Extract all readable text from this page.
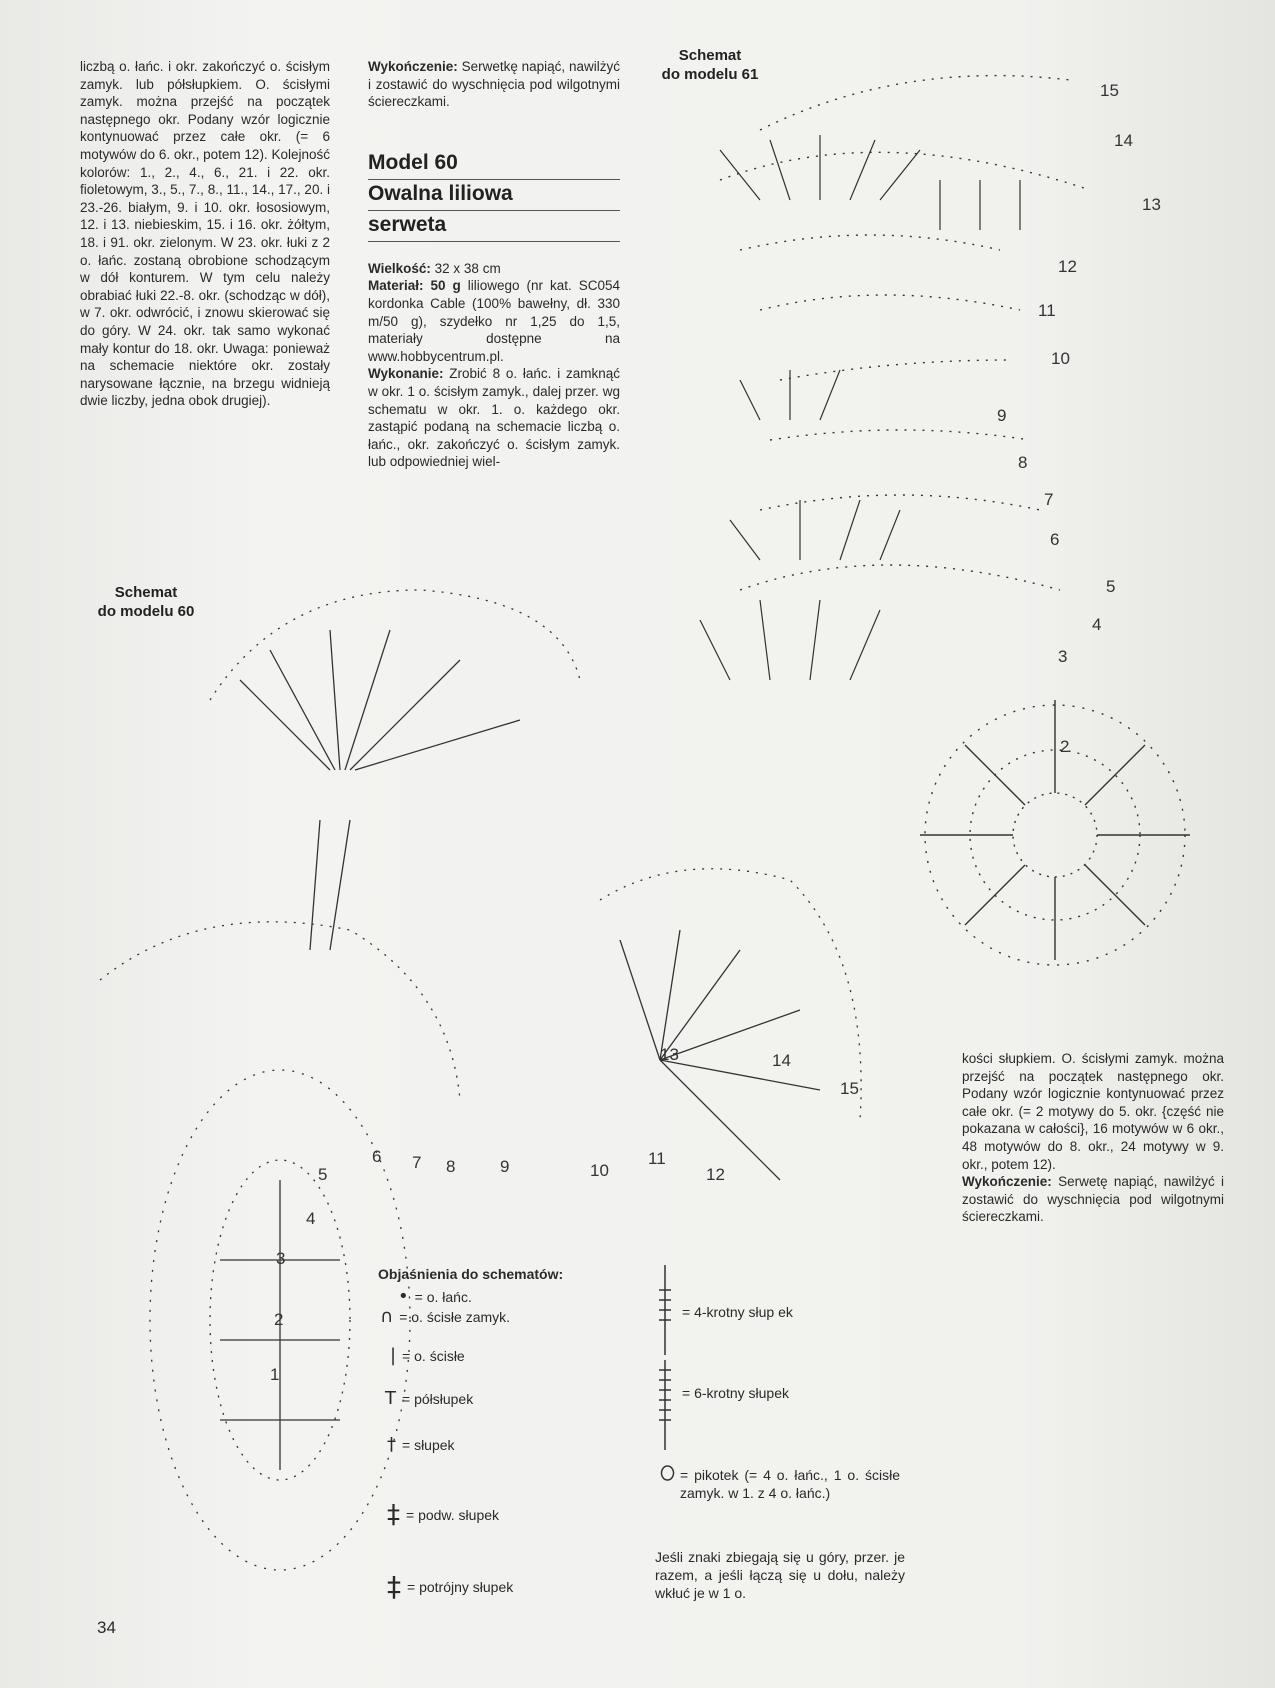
liczbą o. łańc. i okr. zakończyć o. ścisłym zamyk. lub półsłupkiem. O. ścisłymi zamyk. można przejść na początek następnego okr. Podany wzór logicznie kontynuować przez całe okr. (= 6 motywów do 6. okr., potem 12). Kolejność kolorów: 1., 2., 4., 6., 21. i 22. okr. fioletowym, 3., 5., 7., 8., 11., 14., 17., 20. i 23.-26. białym, 9. i 10. okr. łososiowym, 12. i 13. niebieskim, 15. i 16. okr. żółtym, 18. i 91. okr. zielonym. W 23. okr. łuki z 2 o. łańc. zostaną obrobione schodzącym w dół konturem. W tym celu należy obrabiać łuki 22.-8. okr. (schodząc w dół), w 7. okr. odwrócić, i znowu skierować się do góry. W 24. okr. tak samo wykonać mały kontur do 18. okr. Uwaga: ponieważ na schemacie niektóre okr. zostały narysowane łącznie, na brzegu widnieją dwie liczby, jedna obok drugiej).
Wykończenie: Serwetkę napiąć, nawilżyć i zostawić do wyschnięcia pod wilgotnymi ściereczkami.
Model 60
Owalna liliowa
serweta
Wielkość: 32 x 38 cm
Materiał: 50 g liliowego (nr kat. SC054 kordonka Cable (100% bawełny, dł. 330 m/50 g), szydełko nr 1,25 do 1,5, materiały dostępne na www.hobbycentrum.pl.
Wykonanie: Zrobić 8 o. łańc. i zamknąć w okr. 1 o. ścisłym zamyk., dalej przer. wg schematu w okr. 1. o. każdego okr. zastąpić podaną na schemacie liczbą o. łańc., okr. zakończyć o. ścisłym zamyk. lub odpowiedniej wiel-
kości słupkiem. O. ścisłymi zamyk. można przejść na początek następnego okr. Podany wzór logicznie kontynuować przez całe okr. (= 2 motywy do 5. okr. {część nie pokazana w całości}, 16 motywów w 6 okr., 48 motywów do 8. okr., 24 motywy w 9. okr., potem 12).
Wykończenie: Serwetę napiąć, nawilżyć i zostawić do wyschnięcia pod wilgotnymi ściereczkami.
Schemat
do modelu 61
Schemat
do modelu 60
2
3
4
5
6
7
8
9
10
11
12
13
14
15
1
2
3
4
5
6 7 8	9	10
11
12
13	14
15
Objaśnienia do schematów:
• = o. łańc.
∩ = o. ścisłe zamyk.
| = o. ścisłe
T = półsłupek
† = słupek
‡ = podw. słupek
‡ = potrójny słupek
= 4-krotny słup ek
= 6-krotny słupek
= pikotek (= 4 o. łańc., 1 o. ścisłe zamyk. w 1. z 4 o. łańc.)
Jeśli znaki zbiegają się u góry, przer. je razem, a jeśli łączą się u dołu, należy wkłuć je w 1 o.
34
